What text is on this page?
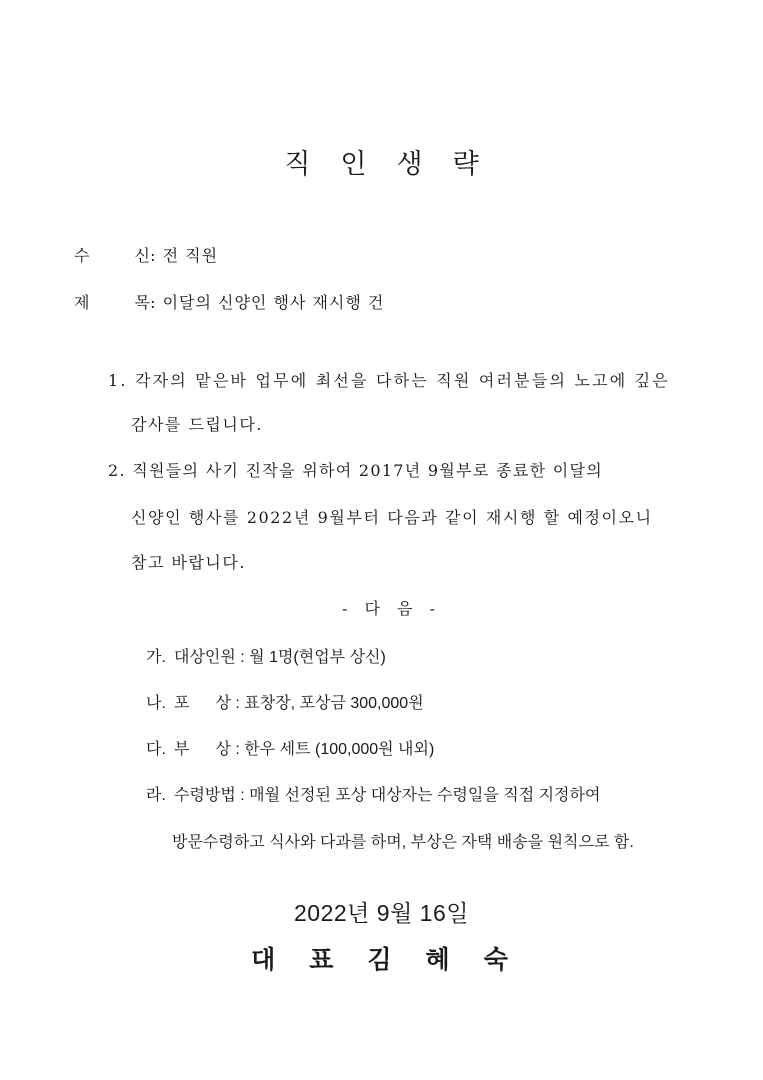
직인생략
수	신 : 전 직원
제	목 : 이달의 신양인 행사 재시행 건
1. 각자의 맡은바 업무에 최선을 다하는 직원 여러분들의 노고에 깊은
감사를 드립니다.
2. 직원들의 사기 진작을 위하여 2017년 9월부로 종료한 이달의
신양인 행사를 2022년 9월부터 다음과 같이 재시행 할 예정이오니
참고 바랍니다.
- 다 음 -
가. 대상인원 : 월 1명(현업부 상신)
나. 포 상 : 표창장, 포상금 300,000원
다. 부 상 : 한우 세트 (100,000원 내외)
라. 수령방법 : 매월 선정된 포상 대상자는 수령일을 직접 지정하여
방문수령하고 식사와 다과를 하며, 부상은 자택 배송을 원칙으로 함.
2022년 9월 16일
대표김혜숙
